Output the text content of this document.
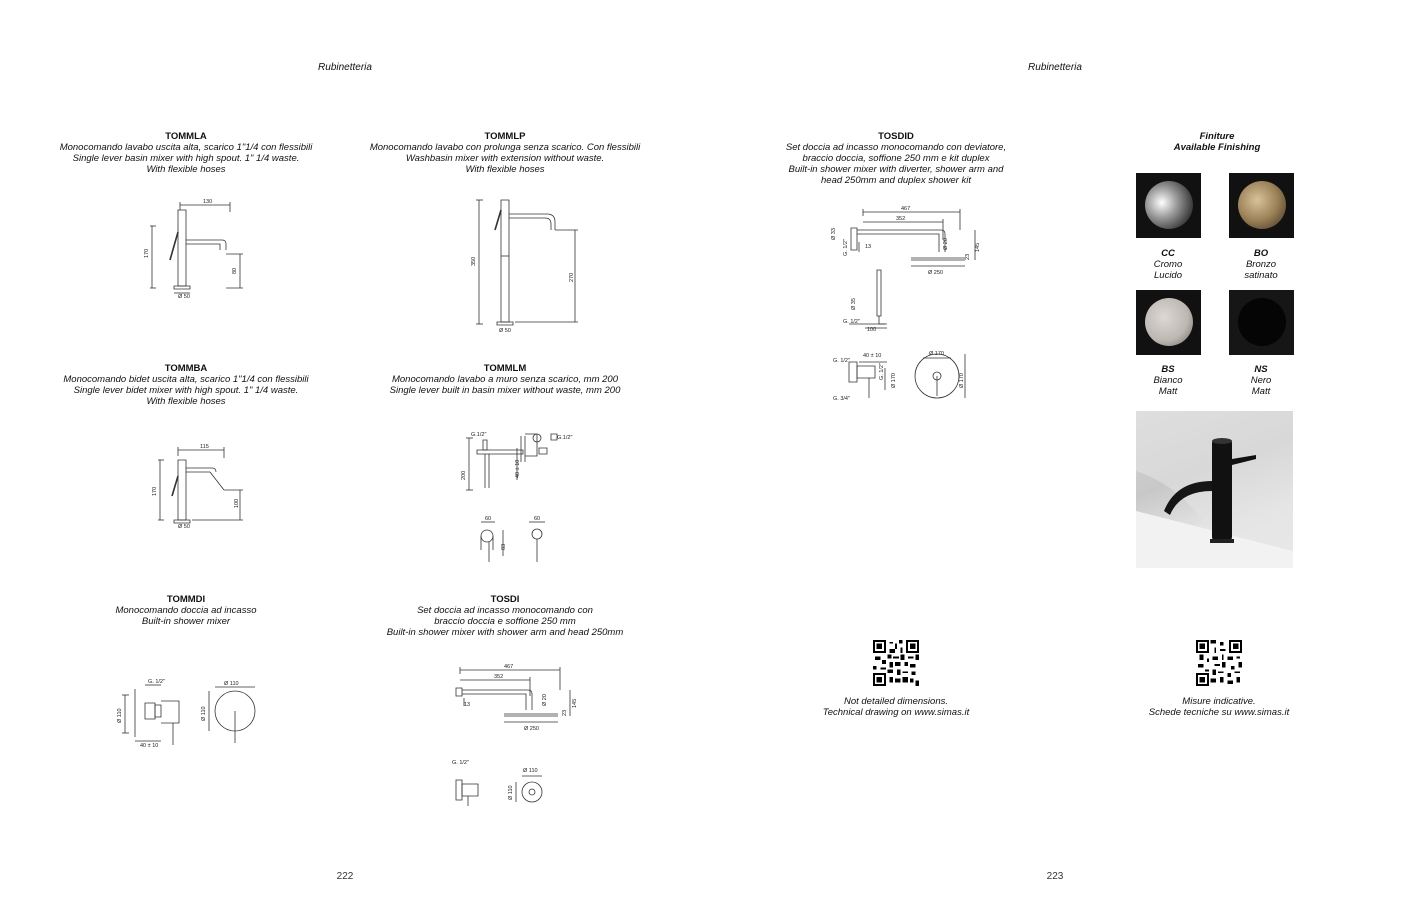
Rubinetteria	Rubinetteria
222	223
TOMMLA
Monocomando lavabo uscita alta, scarico 1"1/4 con flessibili
Single lever basin mixer with high spout. 1" 1/4 waste.
With flexible hoses
130
170
80
Ø 50
TOMMLP
Monocomando lavabo con prolunga senza scarico. Con flessibili
Washbasin mixer with extension without waste.
With flexible hoses
350
270
Ø 50
TOMMBA
Monocomando bidet uscita alta, scarico 1"1/4 con flessibili
Single lever bidet mixer with high spout. 1" 1/4 waste.
With flexible hoses
115
170
100
Ø 50
TOMMLM
Monocomando lavabo a muro senza scarico, mm 200
Single lever built in basin mixer without waste, mm 200
G.1/2"	G.1/2"
200	40 ± 10
60	60
83
TOMMDI
Monocomando doccia ad incasso
Built-in shower mixer
G. 1/2"
Ø 110
Ø 110
Ø 110
40 ± 10
TOSDI
Set doccia ad incasso monocomando con
braccio doccia e soffione 250 mm
Built-in shower mixer with shower arm and head 250mm
467
352
13	Ø 20
23
145
Ø 250
G. 1/2"
Ø 110
Ø 110
TOSDID
Set doccia ad incasso monocomando con deviatore,
braccio doccia, soffione 250 mm e kit duplex
Built-in shower mixer with diverter, shower arm and
head 250mm and duplex shower kit
467
352
13	Ø 20
23
145
Ø 250
Ø 33
G. 1/2"
Ø 35
G. 1/2"
100
40 ± 10	Ø 170
G. 1/2"
G. 3/4"
G. 1/2"
Ø 170	Ø 170
Finiture
Available Finishing
CC
Cromo
Lucido
BO
Bronzo
satinato
BS
Bianco
Matt
NS
Nero
Matt
Not detailed dimensions.
Technical drawing on www.simas.it
Misure indicative.
Schede tecniche su www.simas.it
